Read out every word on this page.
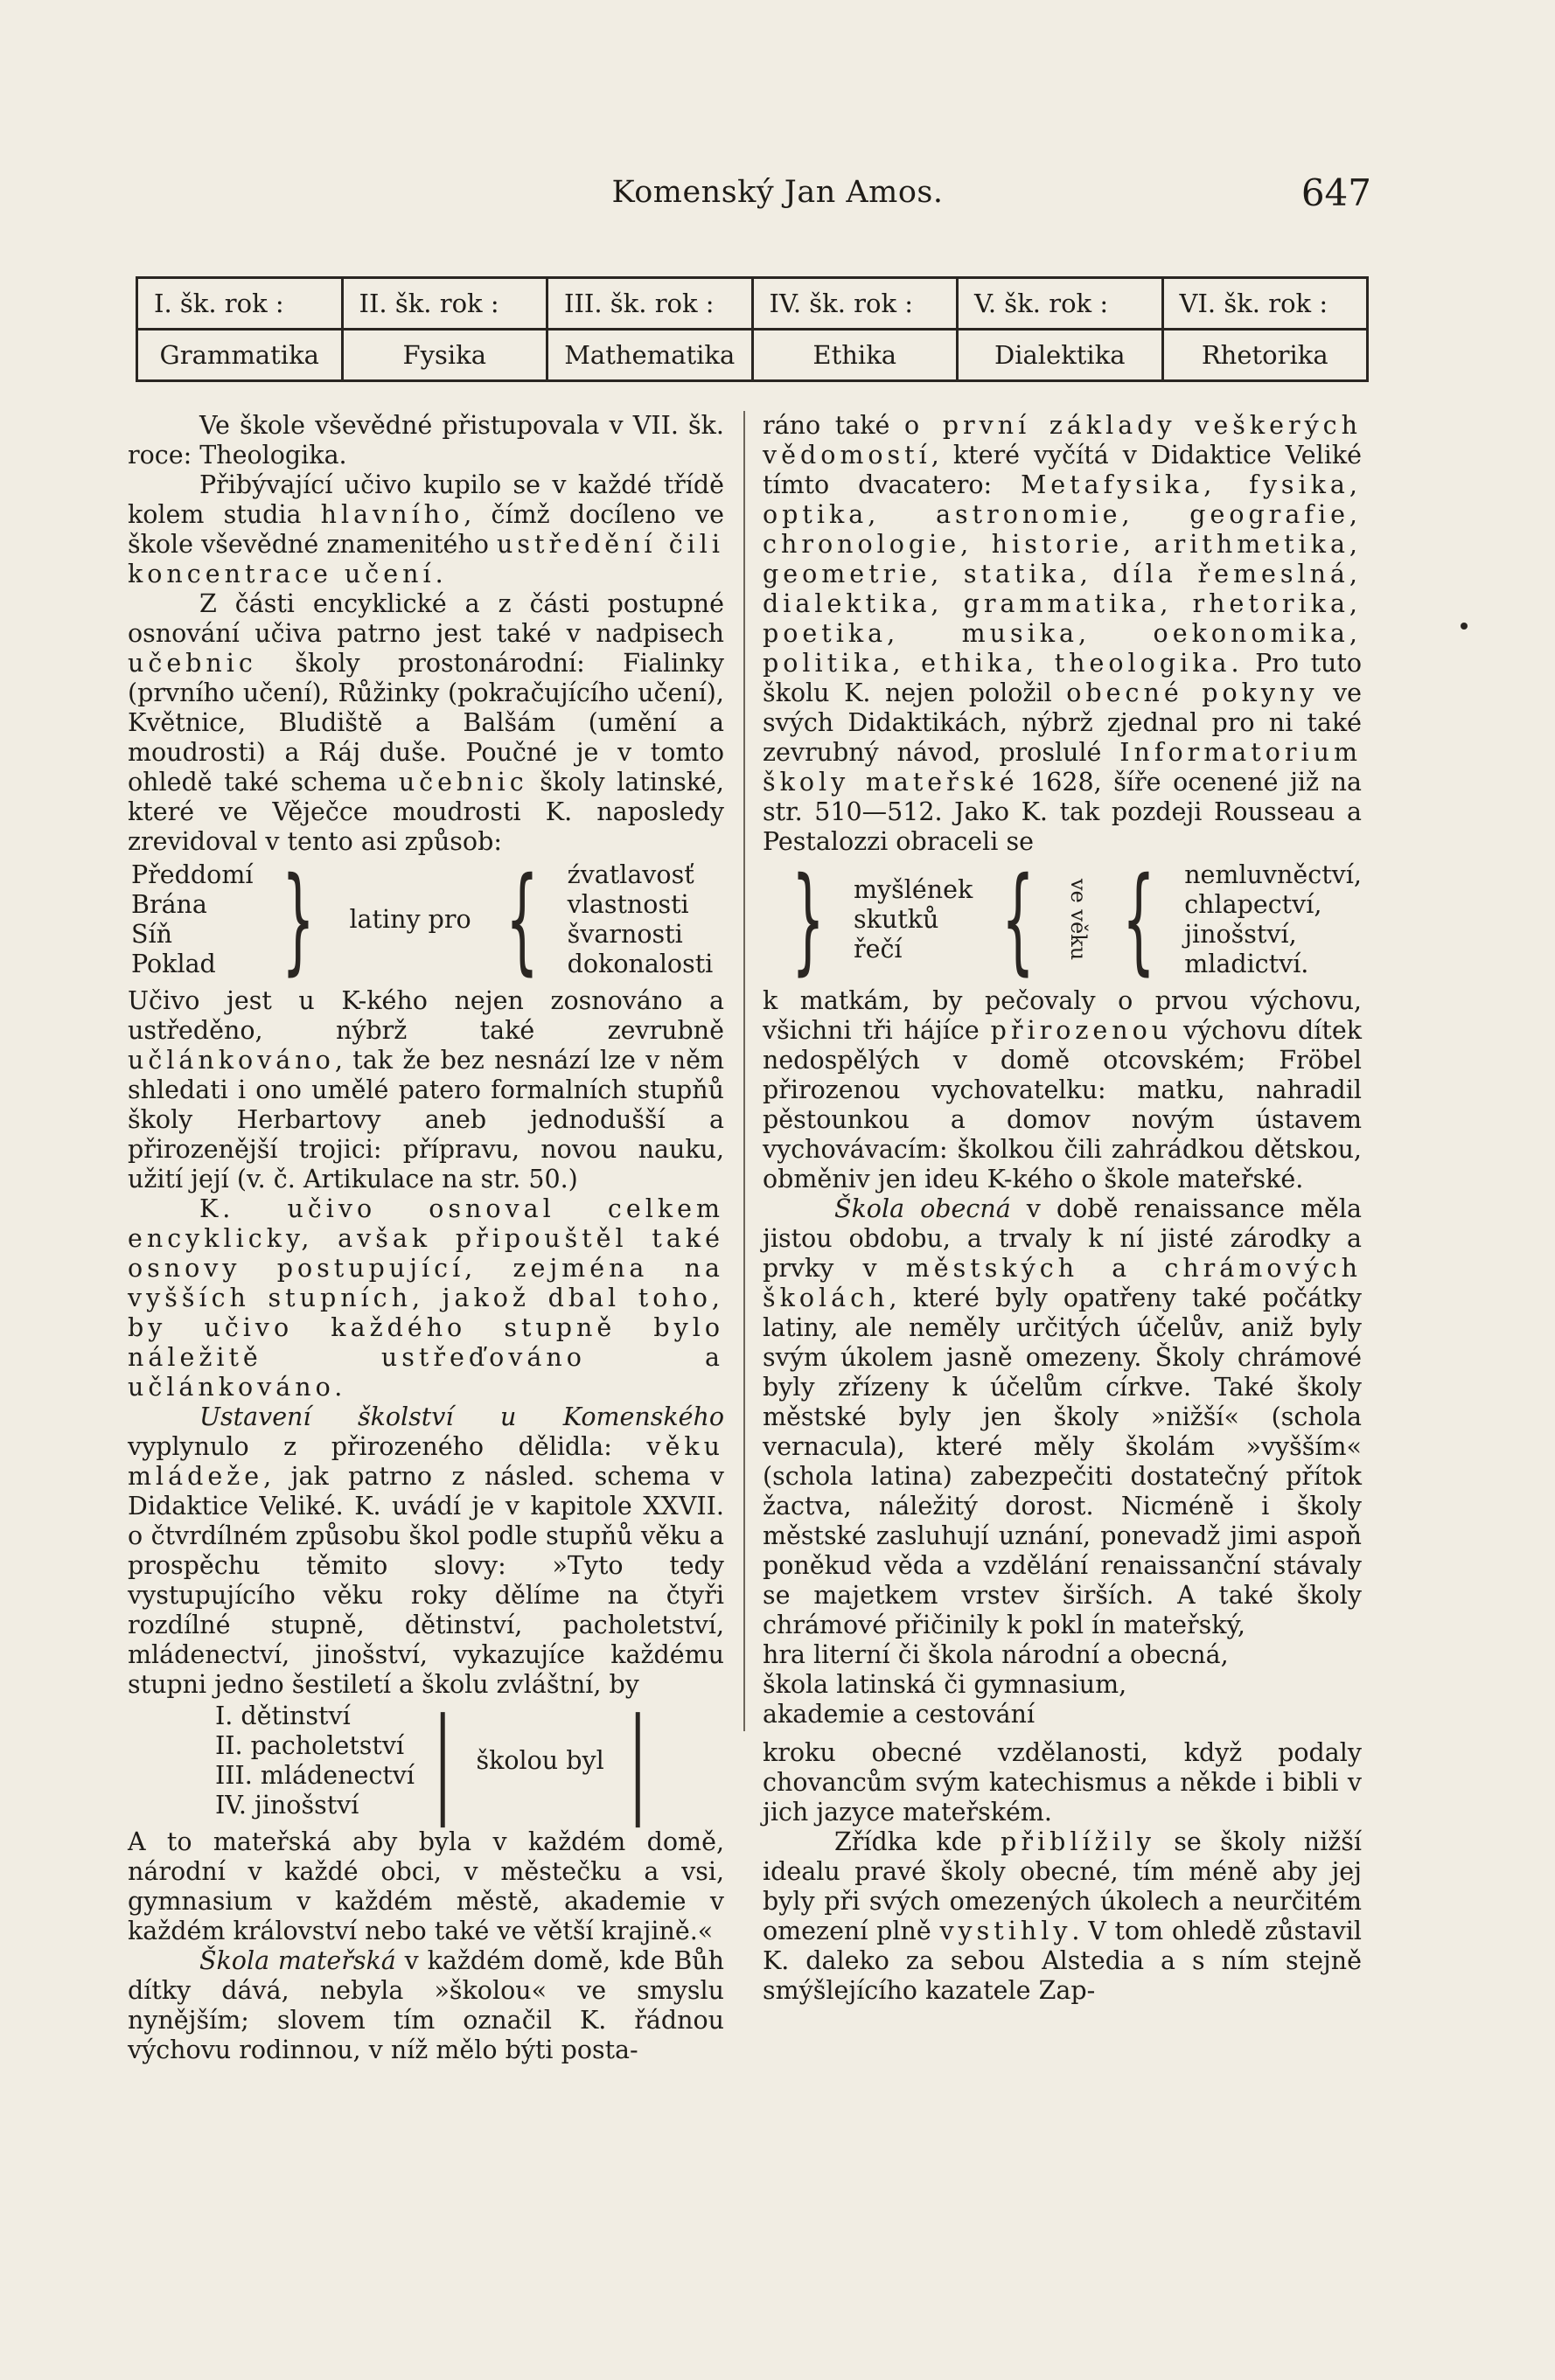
Komenský Jan Amos.	647
I. šk. rok :	II. šk. rok :	III. šk. rok :	IV. šk. rok :	V. šk. rok :	VI. šk. rok :
Grammatika	Fysika	Mathematika	Ethika	Dialektika	Rhetorika

Ve škole vševědné přistupovala v VII. šk. roce: Theologika.

Přibývající učivo kupilo se v každé třídě kolem studia hlavního, čímž docíleno ve škole vševědné znamenitého ustředění čili koncentrace učení.

Z části encyklické a z části postupné osnování učiva patrno jest také v nadpisech učebnic školy prostonárodní: Fialinky (prvního učení), Růžinky (pokračujícího učení), Květnice, Bludiště a Balšám (umění a moudrosti) a Ráj duše. Poučné je v tomto ohledě také schema učebnic školy latinské, které ve Věječce moudrosti K. naposledy zrevidoval v tento asi způsob:

Předdomí
Brána
Síň
Poklad } latiny pro { źvatlavosť
vlastnosti
švarnosti
dokonalosti

Učivo jest u K-kého nejen zosnováno a ustředěno, nýbrž také zevrubně učlánkováno, tak že bez nesnází lze v něm shledati i ono umělé patero formalních stupňů školy Herbartovy aneb jednodušší a přirozenější trojici: přípravu, novou nauku, užití její (v. č. Artikulace na str. 50.)

K. učivo osnoval celkem encyklicky, avšak připouštěl také osnovy postupující, zejména na vyšších stupních, jakož dbal toho, by učivo každého stupně bylo náležitě ustřeďováno a učlánkováno.

Ustavení školství u Komenského vyplynulo z přirozeného dělidla: věku mládeže, jak patrno z násled. schema v Didaktice Veliké. K. uvádí je v kapitole XXVII. o čtvrdílném způsobu škol podle stupňů věku a prospěchu těmito slovy: »Tyto tedy vystupujícího věku roky dělíme na čtyři rozdílné stupně, dětinství, pacholetství, mládenectví, jinošství, vykazujíce každému stupni jedno šestiletí a školu zvláštní, by

I. dětinství
II. pacholetství
III. mládenectví
IV. jinošství | školou byl |

A to mateřská aby byla v každém domě, národní v každé obci, v městečku a vsi, gymnasium v každém městě, akademie v každém království nebo také ve větší krajině.«

Škola mateřská v každém domě, kde Bůh dítky dává, nebyla »školou« ve smyslu nynějším; slovem tím označil K. řádnou výchovu rodinnou, v níž mělo býti posta-

ráno také o první základy veškerých vědomostí, které vyčítá v Didaktice Veliké tímto dvacatero: Metafysika, fysika, optika, astronomie, geografie, chronologie, historie, arithmetika, geometrie, statika, díla řemeslná, dialektika, grammatika, rhetorika, poetika, musika, oekonomika, politika, ethika, theologika. Pro tuto školu K. nejen položil obecné pokyny ve svých Didaktikách, nýbrž zjednal pro ni také zevrubný návod, proslulé Informatorium školy mateřské 1628, šíře ocenené již na str. 510—512. Jako K. tak pozdeji Rousseau a Pestalozzi obraceli se

} myšlének
skutků
řečí { ve věku { nemluvněctví,
chlapectví,
jinošství,
mladictví.

k matkám, by pečovaly o prvou výchovu, všichni tři hájíce přirozenou výchovu dítek nedospělých v domě otcovském; Fröbel přirozenou vychovatelku: matku, nahradil pěstounkou a domov novým ústavem vychovávacím: školkou čili zahrádkou dětskou, obměniv jen ideu K-kého o škole mateřské.

Škola obecná v době renaissance měla jistou obdobu, a trvaly k ní jisté zárodky a prvky v městských a chrámových školách, které byly opatřeny také počátky latiny, ale neměly určitých účelův, aniž byly svým úkolem jasně omezeny. Školy chrámové byly zřízeny k účelům církve. Také školy městské byly jen školy »nižší« (schola vernacula), které měly školám »vyšším« (schola latina) zabezpečiti dostatečný přítok žactva, náležitý dorost. Nicméně i školy městské zasluhují uznání, ponevadž jimi aspoň poněkud věda a vzdělání renaissanční stávaly se majetkem vrstev širších. A také školy chrámové přičinily k pokl ín mateřský,

hra literní či škola národní a obecná,
škola latinská či gymnasium,
akademie a cestování

kroku obecné vzdělanosti, když podaly chovancům svým katechismus a někde i bibli v jich jazyce mateřském.

Zřídka kde přiblížily se školy nižší idealu pravé školy obecné, tím méně aby jej byly při svých omezených úkolech a neurčitém omezení plně vystihly. V tom ohledě zůstavil K. daleko za sebou Alstedia a s ním stejně smýšlejícího kazatele Zap-
